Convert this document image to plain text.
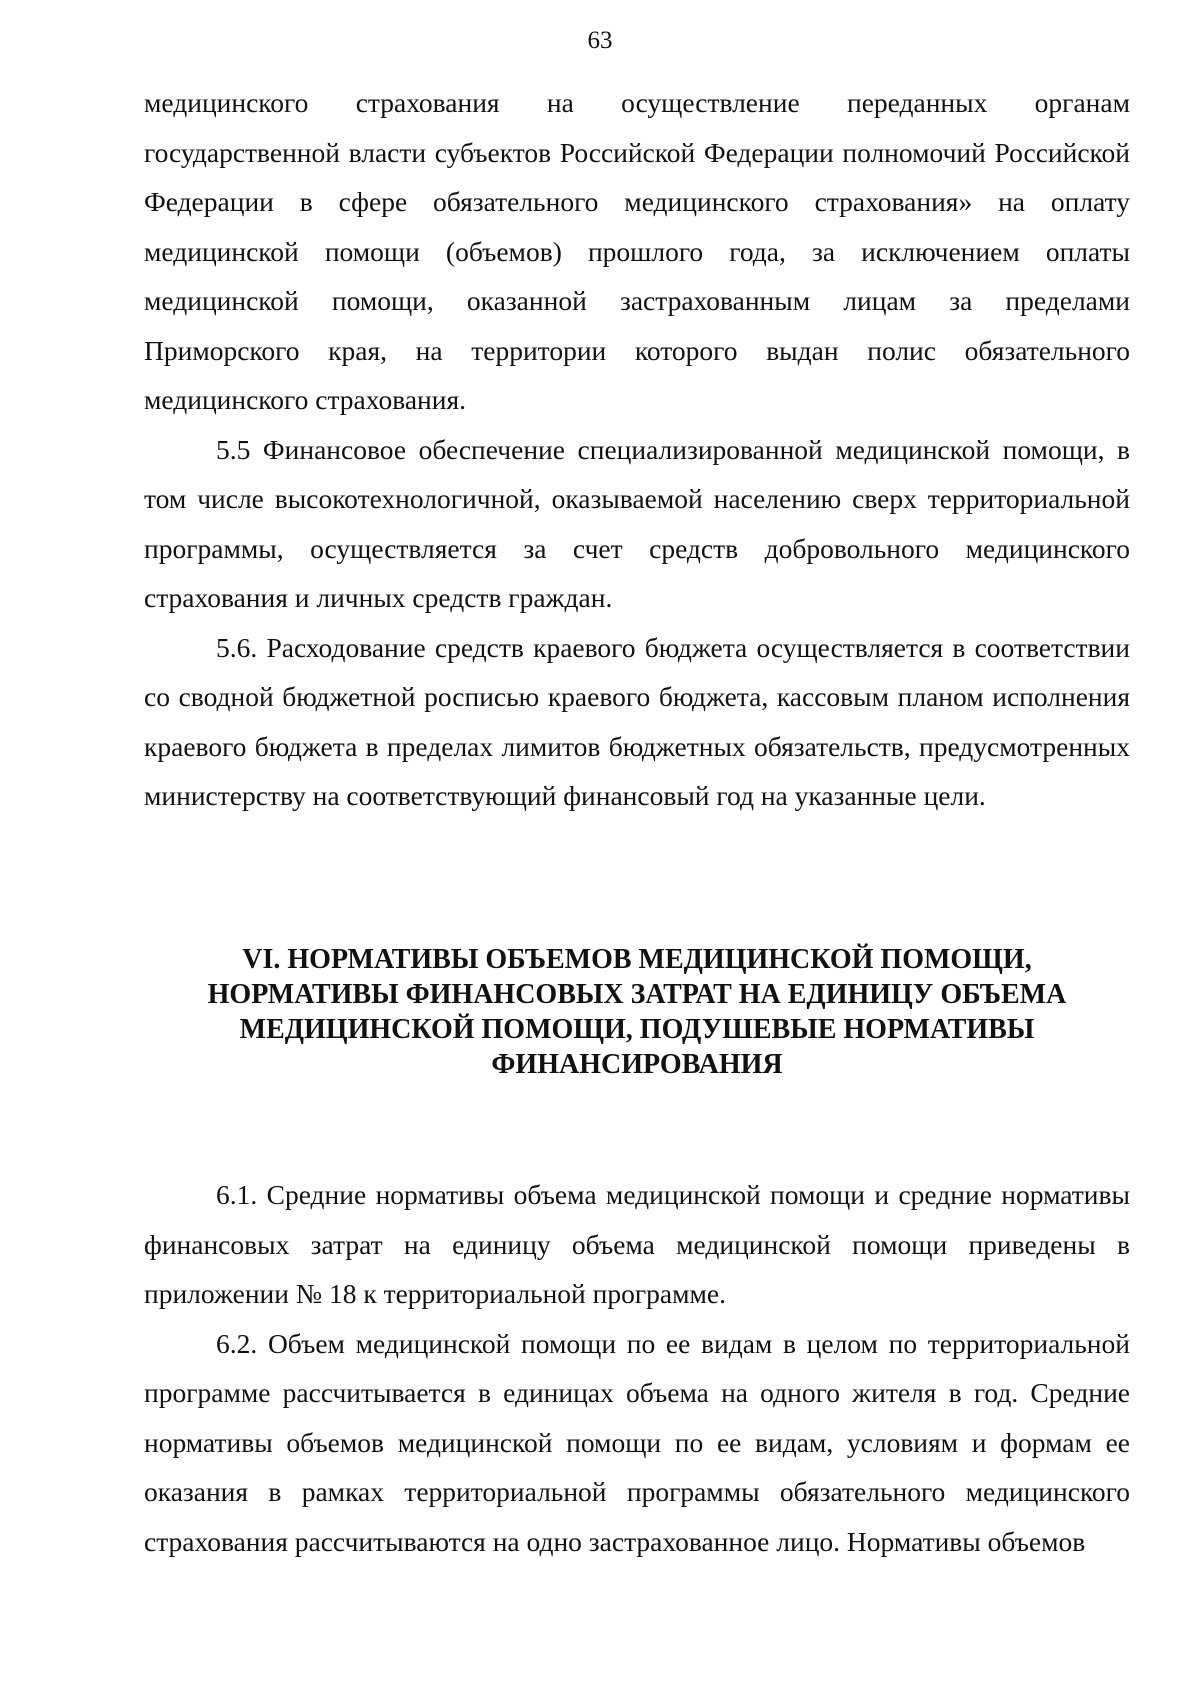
63

медицинского страхования на осуществление переданных органам государственной власти субъектов Российской Федерации полномочий Российской Федерации в сфере обязательного медицинского страхования» на оплату медицинской помощи (объемов) прошлого года, за исключением оплаты медицинской помощи, оказанной застрахованным лицам за пределами Приморского края, на территории которого выдан полис обязательного медицинского страхования.

5.5 Финансовое обеспечение специализированной медицинской помощи, в том числе высокотехнологичной, оказываемой населению сверх территориальной программы, осуществляется за счет средств добровольного медицинского страхования и личных средств граждан.

5.6. Расходование средств краевого бюджета осуществляется в соответствии со сводной бюджетной росписью краевого бюджета, кассовым планом исполнения краевого бюджета в пределах лимитов бюджетных обязательств, предусмотренных министерству на соответствующий финансовый год на указанные цели.

VI. НОРМАТИВЫ ОБЪЕМОВ МЕДИЦИНСКОЙ ПОМОЩИ,
НОРМАТИВЫ ФИНАНСОВЫХ ЗАТРАТ НА ЕДИНИЦУ ОБЪЕМА
МЕДИЦИНСКОЙ ПОМОЩИ, ПОДУШЕВЫЕ НОРМАТИВЫ
ФИНАНСИРОВАНИЯ

6.1. Средние нормативы объема медицинской помощи и средние нормативы финансовых затрат на единицу объема медицинской помощи приведены в приложении № 18 к территориальной программе.

6.2. Объем медицинской помощи по ее видам в целом по территориальной программе рассчитывается в единицах объема на одного жителя в год. Средние нормативы объемов медицинской помощи по ее видам, условиям и формам ее оказания в рамках территориальной программы обязательного медицинского страхования рассчитываются на одно застрахованное лицо. Нормативы объемов
